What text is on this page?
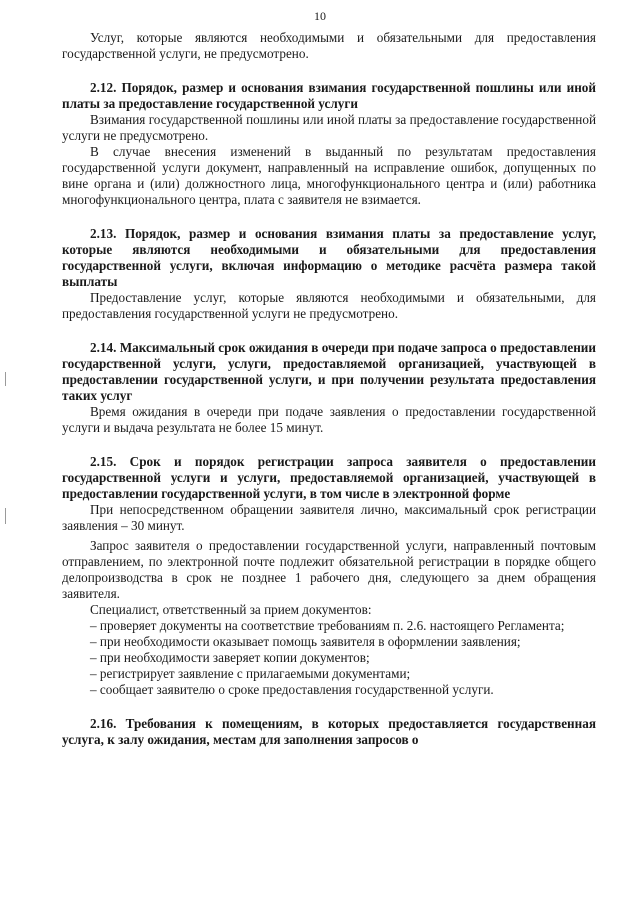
10

Услуг, которые являются необходимыми и обязательными для предоставления государственной услуги, не предусмотрено.

2.12. Порядок, размер и основания взимания государственной пошлины или иной платы за предоставление государственной услуги

Взимания государственной пошлины или иной платы за предоставление государственной услуги не предусмотрено.

В случае внесения изменений в выданный по результатам предоставления государственной услуги документ, направленный на исправление ошибок, допущенных по вине органа и (или) должностного лица, многофункционального центра и (или) работника многофункционального центра, плата с заявителя не взимается.

2.13. Порядок, размер и основания взимания платы за предоставление услуг, которые являются необходимыми и обязательными для предоставления государственной услуги, включая информацию о методике расчёта размера такой выплаты

Предоставление услуг, которые являются необходимыми и обязательными, для предоставления государственной услуги не предусмотрено.

2.14. Максимальный срок ожидания в очереди при подаче запроса о предоставлении государственной услуги, услуги, предоставляемой организацией, участвующей в предоставлении государственной услуги, и при получении результата предоставления таких услуг

Время ожидания в очереди при подаче заявления о предоставлении государственной услуги и выдача результата не более 15 минут.

2.15. Срок и порядок регистрации запроса заявителя о предоставлении государственной услуги и услуги, предоставляемой организацией, участвующей в предоставлении государственной услуги, в том числе в электронной форме

При непосредственном обращении заявителя лично, максимальный срок регистрации заявления – 30 минут.

Запрос заявителя о предоставлении государственной услуги, направленный почтовым отправлением, по электронной почте подлежит обязательной регистрации в порядке общего делопроизводства в срок не позднее 1 рабочего дня, следующего за днем обращения заявителя.

Специалист, ответственный за прием документов:

– проверяет документы на соответствие требованиям п. 2.6. настоящего Регламента;

– при необходимости оказывает помощь заявителя в оформлении заявления;

– при необходимости заверяет копии документов;

– регистрирует заявление с прилагаемыми документами;

– сообщает заявителю о сроке предоставления государственной услуги.

2.16. Требования к помещениям, в которых предоставляется государственная услуга, к залу ожидания, местам для заполнения запросов о
